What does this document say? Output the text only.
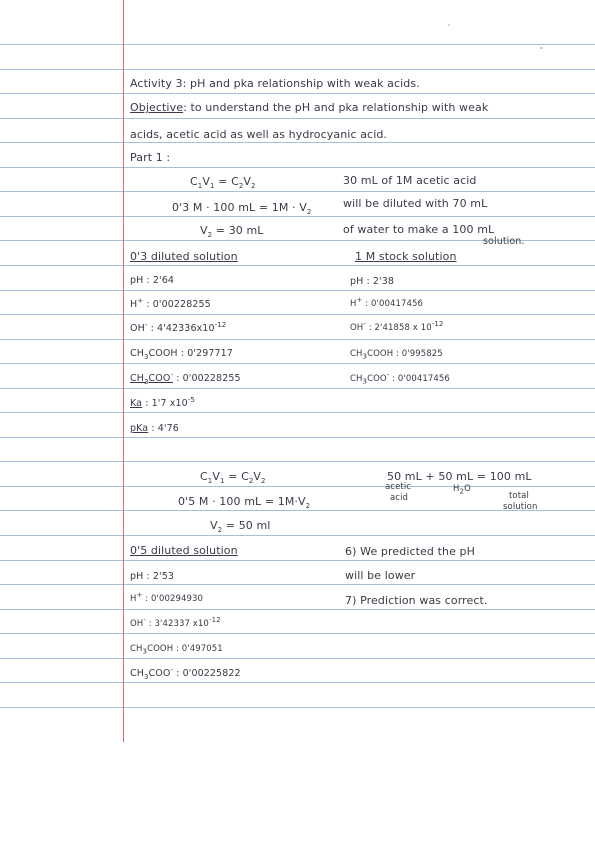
Activity 3: pH and pka relationship with weak acids.
Objective: to understand the pH and pka relationship with weak
acids, acetic acid as well as hydrocyanic acid.
Part 1 :
$C_1V_1 = C_2V_2$
0'3 M · 100 mL = $1M \cdot V_2$
$V_2 = 30$ mL
30 mL of 1M acetic acid
will be diluted with 70 mL
of water to make a 100 mL
solution.
0'3 diluted solution	1 M stock solution
pH : 2'64
H+ : 0'00228255
OH- : $4'42336x10^{-12}$
$CH_3COOH$ : 0'297717
$CH_3COO^-$ : 0'00228255
Ka : 1'7 $x10^{-5}$
pKa : 4'76
pH : 2'38
H+ : 0'00417456
OH- : 2'41858 x $10^{-12}$
$CH_3COOH$ : 0'995825
$CH_3COO^-$ : 0'00417456
$C_1V_1 = C_2V_2$
0'5 M · 100 mL = $1M\cdot V_2$
$V_2 = 50$ ml
50 mL + 50 mL = 100 mL
acetic
acid
$H_2O$
total
solution
0'5 diluted solution
pH : 2'53
H+ : 0'00294930
OH- : 3'42337 $x10^{-12}$
$CH_3COOH$ : 0'497051
$CH_3COO^-$ : 0'00225822
6) We predicted the pH
will be lower
7) Prediction was correct.
